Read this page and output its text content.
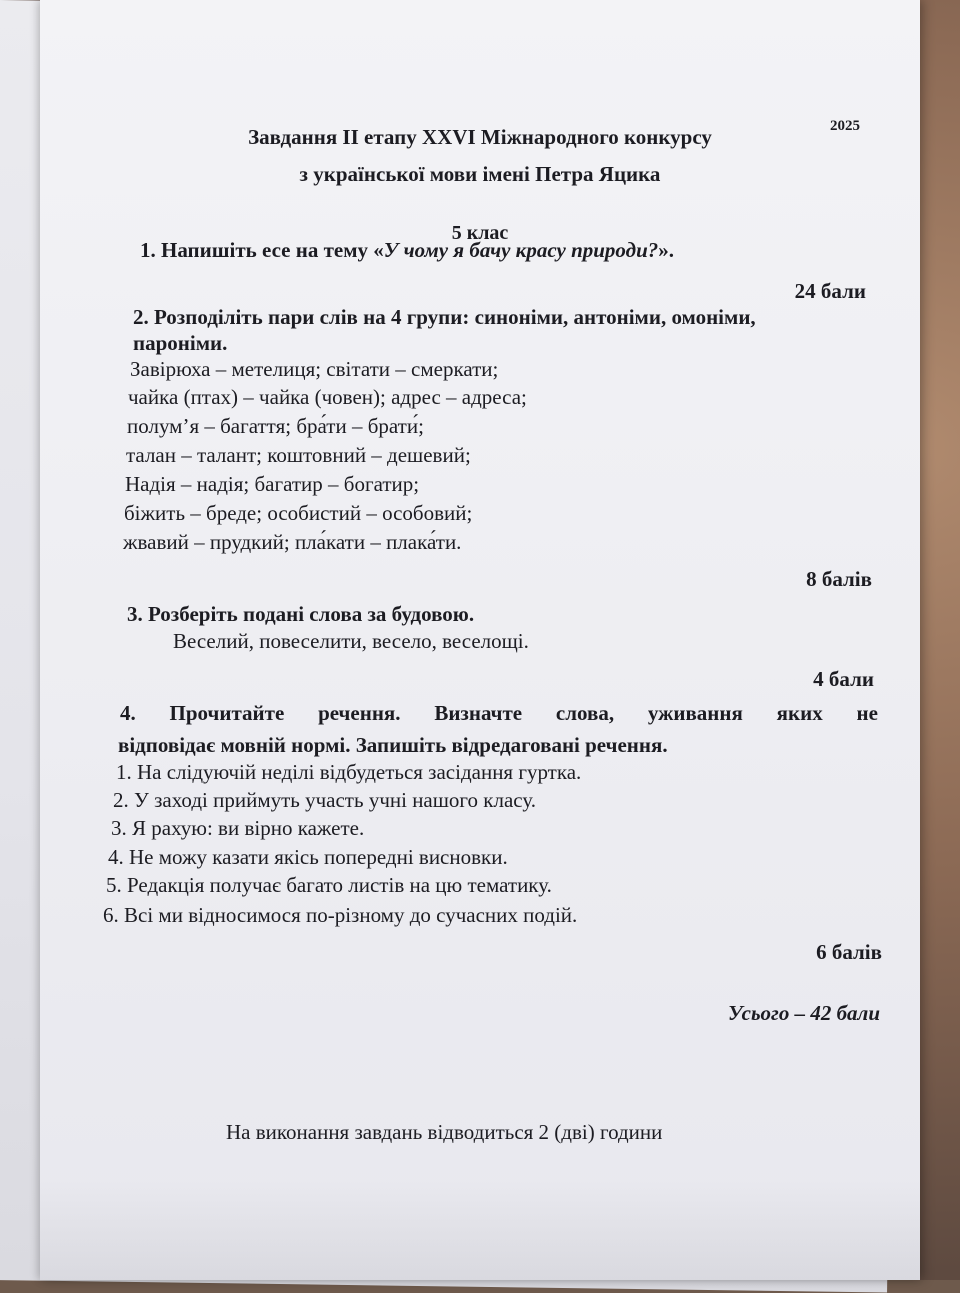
2025
Завдання ІІ етапу XXVI Міжнародного конкурсу
з української мови імені Петра Яцика
5 клас
1. Напишіть есе на тему «У чому я бачу красу природи?».
24 бали
2. Розподіліть пари слів на 4 групи: синоніми, антоніми, омоніми,
пароніми.
Завірюха – метелиця; світати – смеркати;
чайка (птах) – чайка (човен); адрес – адреса;
полум’я – багаття; бра́ти – брати́;
талан – талант; коштовний – дешевий;
Надія – надія; багатир – богатир;
біжить – бреде; особистий – особовий;
жвавий – прудкий; пла́кати – плака́ти.
8 балів
3. Розберіть подані слова за будовою.
Веселий, повеселити, весело, веселощі.
4 бали
4. Прочитайте речення. Визначте слова, уживання яких не
відповідає мовній нормі. Запишіть відредаговані речення.
1. На слідуючій неділі відбудеться засідання гуртка.
2. У заході приймуть участь учні нашого класу.
3. Я рахую: ви вірно кажете.
4. Не можу казати якісь попередні висновки.
5. Редакція получає багато листів на цю тематику.
6. Всі ми відносимося по-різному до сучасних подій.
6 балів
Усього – 42 бали
На виконання завдань відводиться 2 (дві) години
